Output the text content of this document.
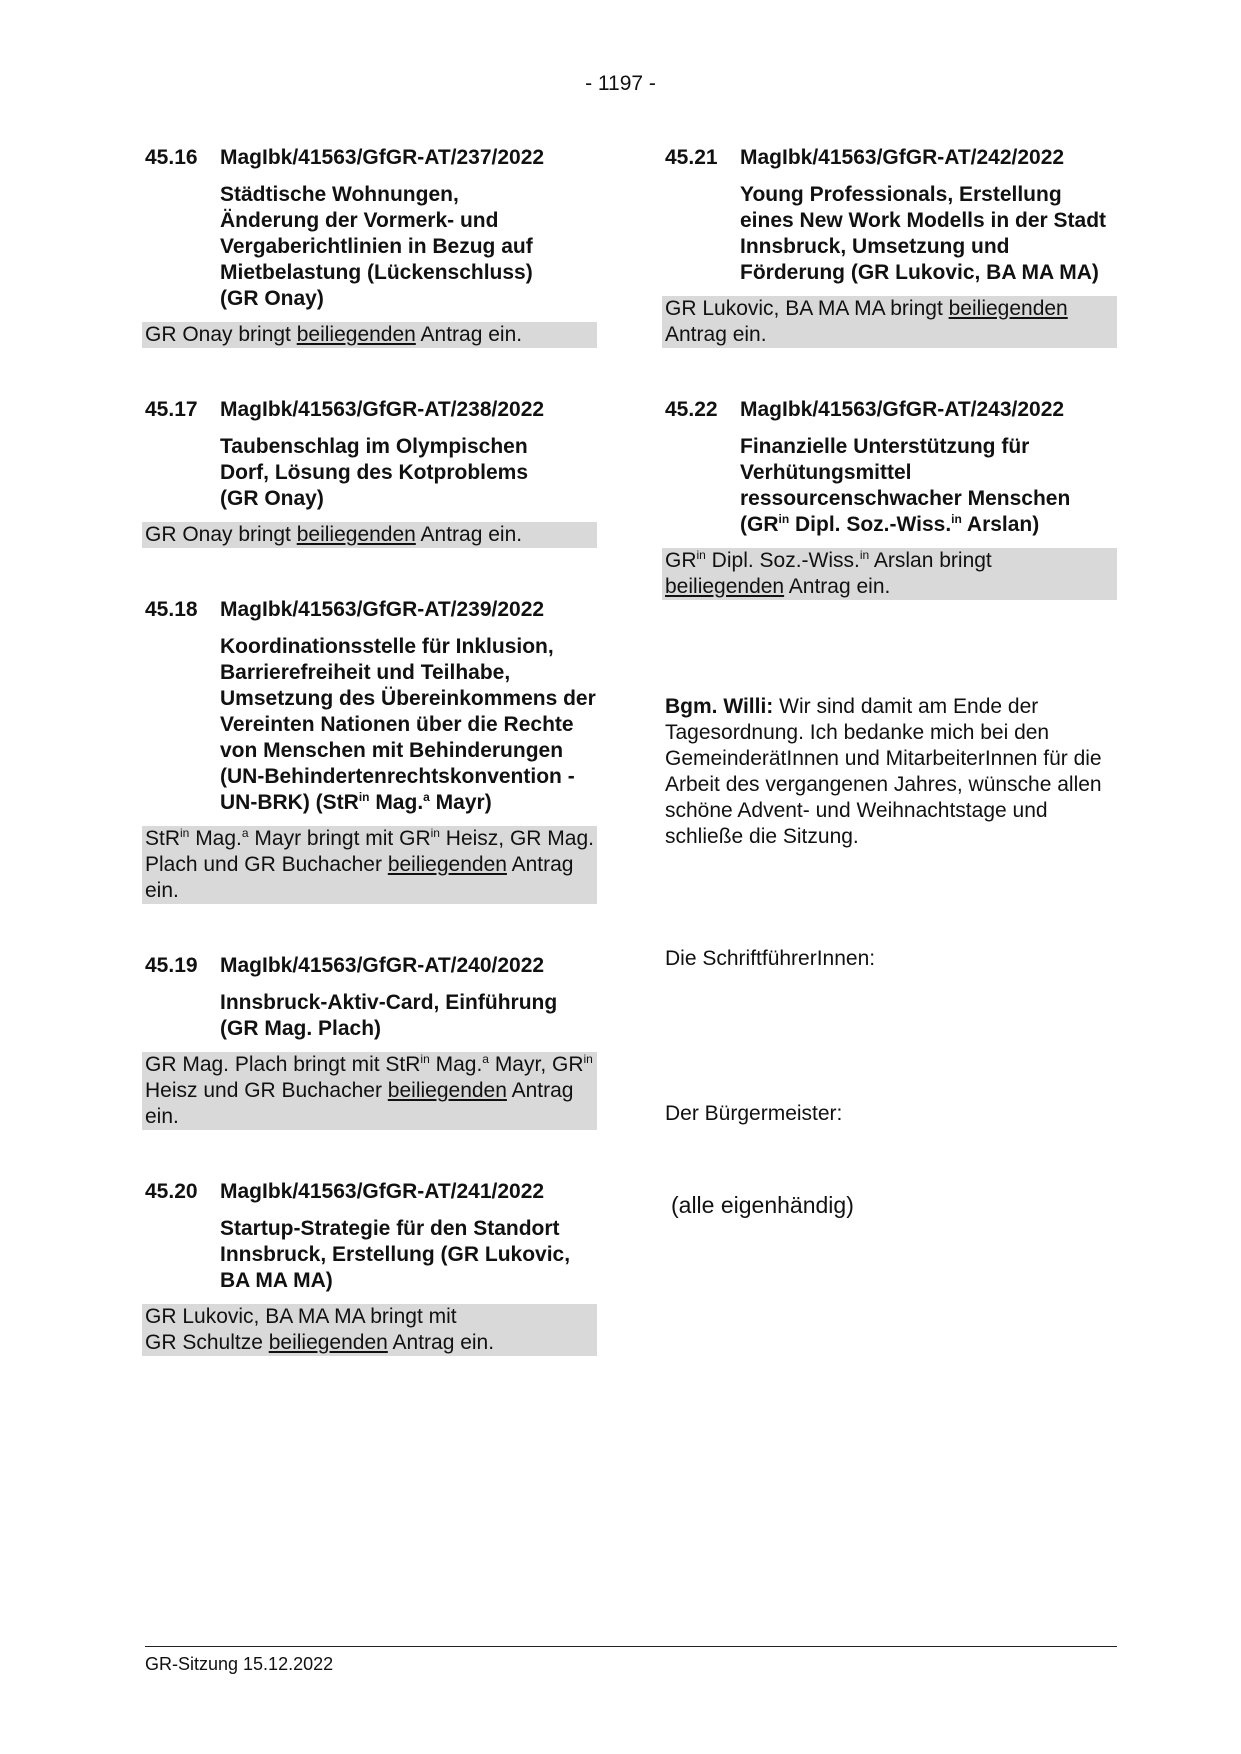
- 1197 -
45.16	MagIbk/41563/GfGR-AT/237/2022
Städtische Wohnungen, Änderung der Vormerk- und Vergaberichtlinien in Bezug auf Mietbelastung (Lückenschluss) (GR Onay)
GR Onay bringt beiliegenden Antrag ein.
45.17	MagIbk/41563/GfGR-AT/238/2022
Taubenschlag im Olympischen Dorf, Lösung des Kotproblems (GR Onay)
GR Onay bringt beiliegenden Antrag ein.
45.18	MagIbk/41563/GfGR-AT/239/2022
Koordinationsstelle für Inklusion, Barrierefreiheit und Teilhabe, Umsetzung des Übereinkommens der Vereinten Nationen über die Rechte von Menschen mit Behinderungen (UN-Behindertenrechtskonvention - UN-BRK) (StR$^{in}$ Mag.$^a$ Mayr)
StR$^{in}$ Mag.$^a$ Mayr bringt mit $GR^{in}$ Heisz, GR Mag. Plach und GR Buchacher beiliegenden Antrag ein.
45.19	MagIbk/41563/GfGR-AT/240/2022
Innsbruck-Aktiv-Card, Einführung (GR Mag. Plach)
GR Mag. Plach bringt mit StR$^{in}$ Mag.$^a$ Mayr, $GR^{in}$ Heisz und GR Buchacher beiliegenden Antrag ein.
45.20	MagIbk/41563/GfGR-AT/241/2022
Startup-Strategie für den Standort Innsbruck, Erstellung (GR Lukovic, BA MA MA)
GR Lukovic, BA MA MA bringt mit
GR Schultze beiliegenden Antrag ein.
45.21	MagIbk/41563/GfGR-AT/242/2022
Young Professionals, Erstellung eines New Work Modells in der Stadt Innsbruck, Umsetzung und Förderung (GR Lukovic, BA MA MA)
GR Lukovic, BA MA MA bringt beiliegenden Antrag ein.
45.22	MagIbk/41563/GfGR-AT/243/2022
Finanzielle Unterstützung für Verhütungsmittel ressourcenschwacher Menschen ($GR^{in}$ Dipl. Soz.-Wiss.$^{in}$ Arslan)
$GR^{in}$ Dipl. Soz.-Wiss.$^{in}$ Arslan bringt beiliegenden Antrag ein.
Bgm. Willi: Wir sind damit am Ende der Tagesordnung. Ich bedanke mich bei den GemeinderätInnen und MitarbeiterInnen für die Arbeit des vergangenen Jahres, wünsche allen schöne Advent- und Weihnachtstage und schließe die Sitzung.
Die SchriftführerInnen:
Der Bürgermeister:
(alle eigenhändig)
GR-Sitzung 15.12.2022
